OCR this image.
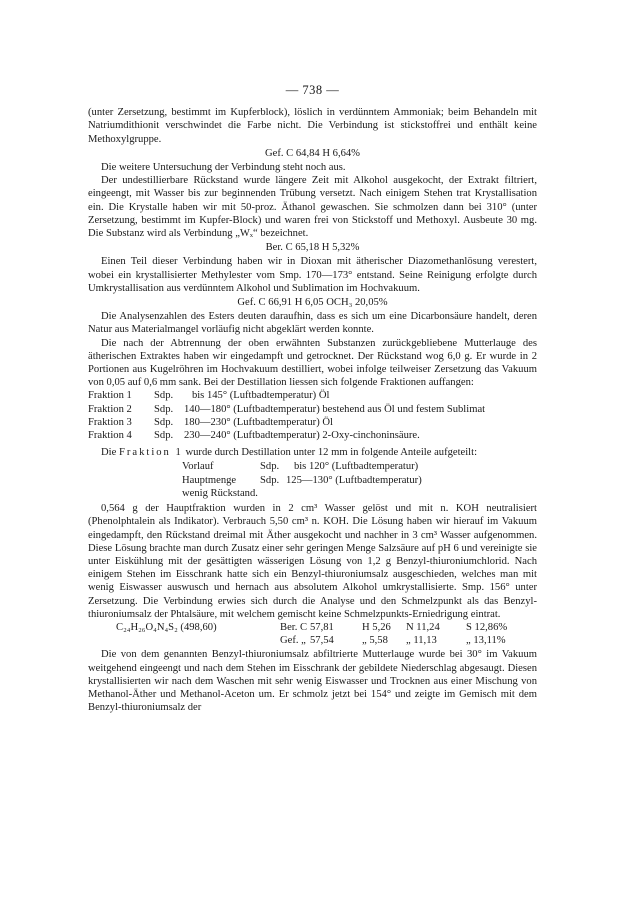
— 738 —

(unter Zersetzung, bestimmt im Kupferblock), löslich in verdünntem Ammoniak; beim Behandeln mit Natriumdithionit verschwindet die Farbe nicht. Die Verbindung ist stickstoffrei und enthält keine Methoxylgruppe.

Gef. C 64,84 H 6,64%

Die weitere Untersuchung der Verbindung steht noch aus.

Der undestillierbare Rückstand wurde längere Zeit mit Alkohol ausgekocht, der Extrakt filtriert, eingeengt, mit Wasser bis zur beginnenden Trübung versetzt. Nach einigem Stehen trat Krystallisation ein. Die Krystalle haben wir mit 50-proz. Äthanol gewaschen. Sie schmolzen dann bei 310° (unter Zersetzung, bestimmt im Kupfer-Block) und waren frei von Stickstoff und Methoxyl. Ausbeute 30 mg. Die Substanz wird als Verbindung „Wₓ“ bezeichnet.

Ber. C 65,18 H 5,32%

Einen Teil dieser Verbindung haben wir in Dioxan mit ätherischer Diazomethanlösung verestert, wobei ein krystallisierter Methylester vom Smp. 170—173° entstand. Seine Reinigung erfolgte durch Umkrystallisation aus verdünntem Alkohol und Sublimation im Hochvakuum.

Gef. C 66,91 H 6,05 OCH₃ 20,05%

Die Analysenzahlen des Esters deuten daraufhin, dass es sich um eine Dicarbonsäure handelt, deren Natur aus Materialmangel vorläufig nicht abgeklärt werden konnte.

Die nach der Abtrennung der oben erwähnten Substanzen zurückgebliebene Mutterlauge des ätherischen Extraktes haben wir eingedampft und getrocknet. Der Rückstand wog 6,0 g. Er wurde in 2 Portionen aus Kugelröhren im Hochvakuum destilliert, wobei infolge teilweiser Zersetzung das Vakuum von 0,05 auf 0,6 mm sank. Bei der Destillation liessen sich folgende Fraktionen auffangen:

Fraktion 1	Sdp.	bis 145° (Luftbadtemperatur) Öl
Fraktion 2	Sdp.	140—180° (Luftbadtemperatur) bestehend aus Öl und festem Sublimat
Fraktion 3	Sdp.	180—230° (Luftbadtemperatur) Öl
Fraktion 4	Sdp.	230—240° (Luftbadtemperatur) 2-Oxy-cinchoninsäure.

Die Fraktion 1 wurde durch Destillation unter 12 mm in folgende Anteile aufgeteilt:

Vorlauf	Sdp. bis 120° (Luftbadtemperatur)
Hauptmenge	Sdp. 125—130° (Luftbadtemperatur)
wenig Rückstand.

0,564 g der Hauptfraktion wurden in 2 cm³ Wasser gelöst und mit n. KOH neutralisiert (Phenolphtalein als Indikator). Verbrauch 5,50 cm³ n. KOH. Die Lösung haben wir hierauf im Vakuum eingedampft, den Rückstand dreimal mit Äther ausgekocht und nachher in 3 cm³ Wasser aufgenommen. Diese Lösung brachte man durch Zusatz einer sehr geringen Menge Salzsäure auf pH 6 und vereinigte sie unter Eiskühlung mit der gesättigten wässerigen Lösung von 1,2 g Benzyl-thiuroniumchlorid. Nach einigem Stehen im Eisschrank hatte sich ein Benzyl-thiuroniumsalz ausgeschieden, welches man mit wenig Eiswasser auswusch und hernach aus absolutem Alkohol umkrystallisierte. Smp. 156° unter Zersetzung. Die Verbindung erwies sich durch die Analyse und den Schmelzpunkt als das Benzyl-thiuroniumsalz der Phtalsäure, mit welchem gemischt keine Schmelzpunkts-Erniedrigung eintrat.

C₂₄H₂₆O₄N₄S₂ (498,60)	Ber. C 57,81	H 5,26	N 11,24	S 12,86%
Gef. „ 57,54	„ 5,58	„ 11,13	„ 13,11%

Die von dem genannten Benzyl-thiuroniumsalz abfiltrierte Mutterlauge wurde bei 30° im Vakuum weitgehend eingeengt und nach dem Stehen im Eisschrank der gebildete Niederschlag abgesaugt. Diesen krystallisierten wir nach dem Waschen mit sehr wenig Eiswasser und Trocknen aus einer Mischung von Methanol-Äther und Methanol-Aceton um. Er schmolz jetzt bei 154° und zeigte im Gemisch mit dem Benzyl-thiuroniumsalz der
